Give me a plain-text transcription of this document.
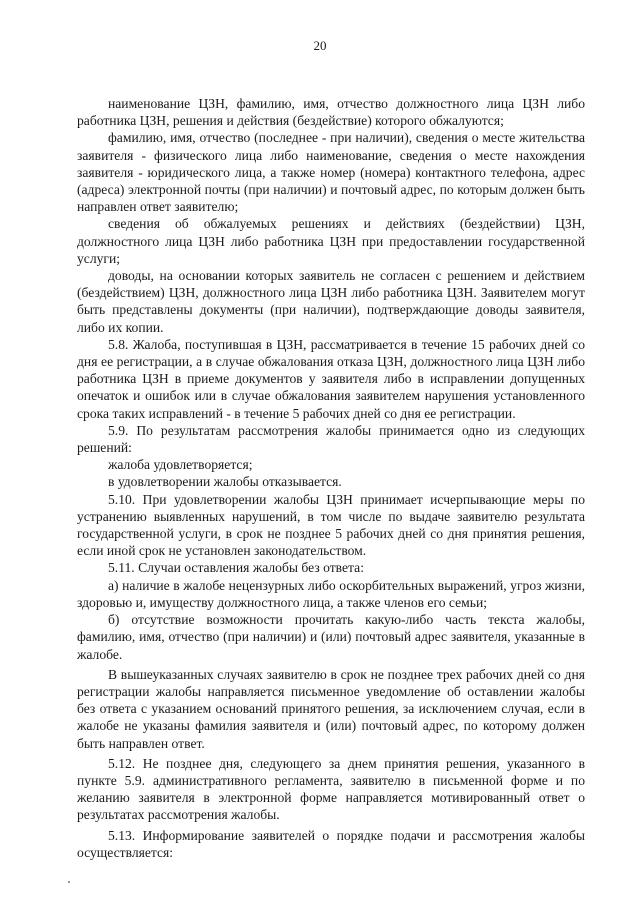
20

наименование ЦЗН, фамилию, имя, отчество должностного лица ЦЗН либо работника ЦЗН, решения и действия (бездействие) которого обжалуются;

фамилию, имя, отчество (последнее - при наличии), сведения о месте жительства заявителя - физического лица либо наименование, сведения о месте нахождения заявителя - юридического лица, а также номер (номера) контактного телефона, адрес (адреса) электронной почты (при наличии) и почтовый адрес, по которым должен быть направлен ответ заявителю;

сведения об обжалуемых решениях и действиях (бездействии) ЦЗН, должностного лица ЦЗН либо работника ЦЗН при предоставлении государственной услуги;

доводы, на основании которых заявитель не согласен с решением и действием (бездействием) ЦЗН, должностного лица ЦЗН либо работника ЦЗН. Заявителем могут быть представлены документы (при наличии), подтверждающие доводы заявителя, либо их копии.

5.8. Жалоба, поступившая в ЦЗН, рассматривается в течение 15 рабочих дней со дня ее регистрации, а в случае обжалования отказа ЦЗН, должностного лица ЦЗН либо работника ЦЗН в приеме документов у заявителя либо в исправлении допущенных опечаток и ошибок или в случае обжалования заявителем нарушения установленного срока таких исправлений - в течение 5 рабочих дней со дня ее регистрации.

5.9. По результатам рассмотрения жалобы принимается одно из следующих решений:

жалоба удовлетворяется;

в удовлетворении жалобы отказывается.

5.10. При удовлетворении жалобы ЦЗН принимает исчерпывающие меры по устранению выявленных нарушений, в том числе по выдаче заявителю результата государственной услуги, в срок не позднее 5 рабочих дней со дня принятия решения, если иной срок не установлен законодательством.

5.11. Случаи оставления жалобы без ответа:

а) наличие в жалобе нецензурных либо оскорбительных выражений, угроз жизни, здоровью и, имуществу должностного лица, а также членов его семьи;

б) отсутствие возможности прочитать какую-либо часть текста жалобы, фамилию, имя, отчество (при наличии) и (или) почтовый адрес заявителя, указанные в жалобе.

В вышеуказанных случаях заявителю в срок не позднее трех рабочих дней со дня регистрации жалобы направляется письменное уведомление об оставлении жалобы без ответа с указанием оснований принятого решения, за исключением случая, если в жалобе не указаны фамилия заявителя и (или) почтовый адрес, по которому должен быть направлен ответ.

5.12. Не позднее дня, следующего за днем принятия решения, указанного в пункте 5.9. административного регламента, заявителю в письменной форме и по желанию заявителя в электронной форме направляется мотивированный ответ о результатах рассмотрения жалобы.

5.13. Информирование заявителей о порядке подачи и рассмотрения жалобы осуществляется:
